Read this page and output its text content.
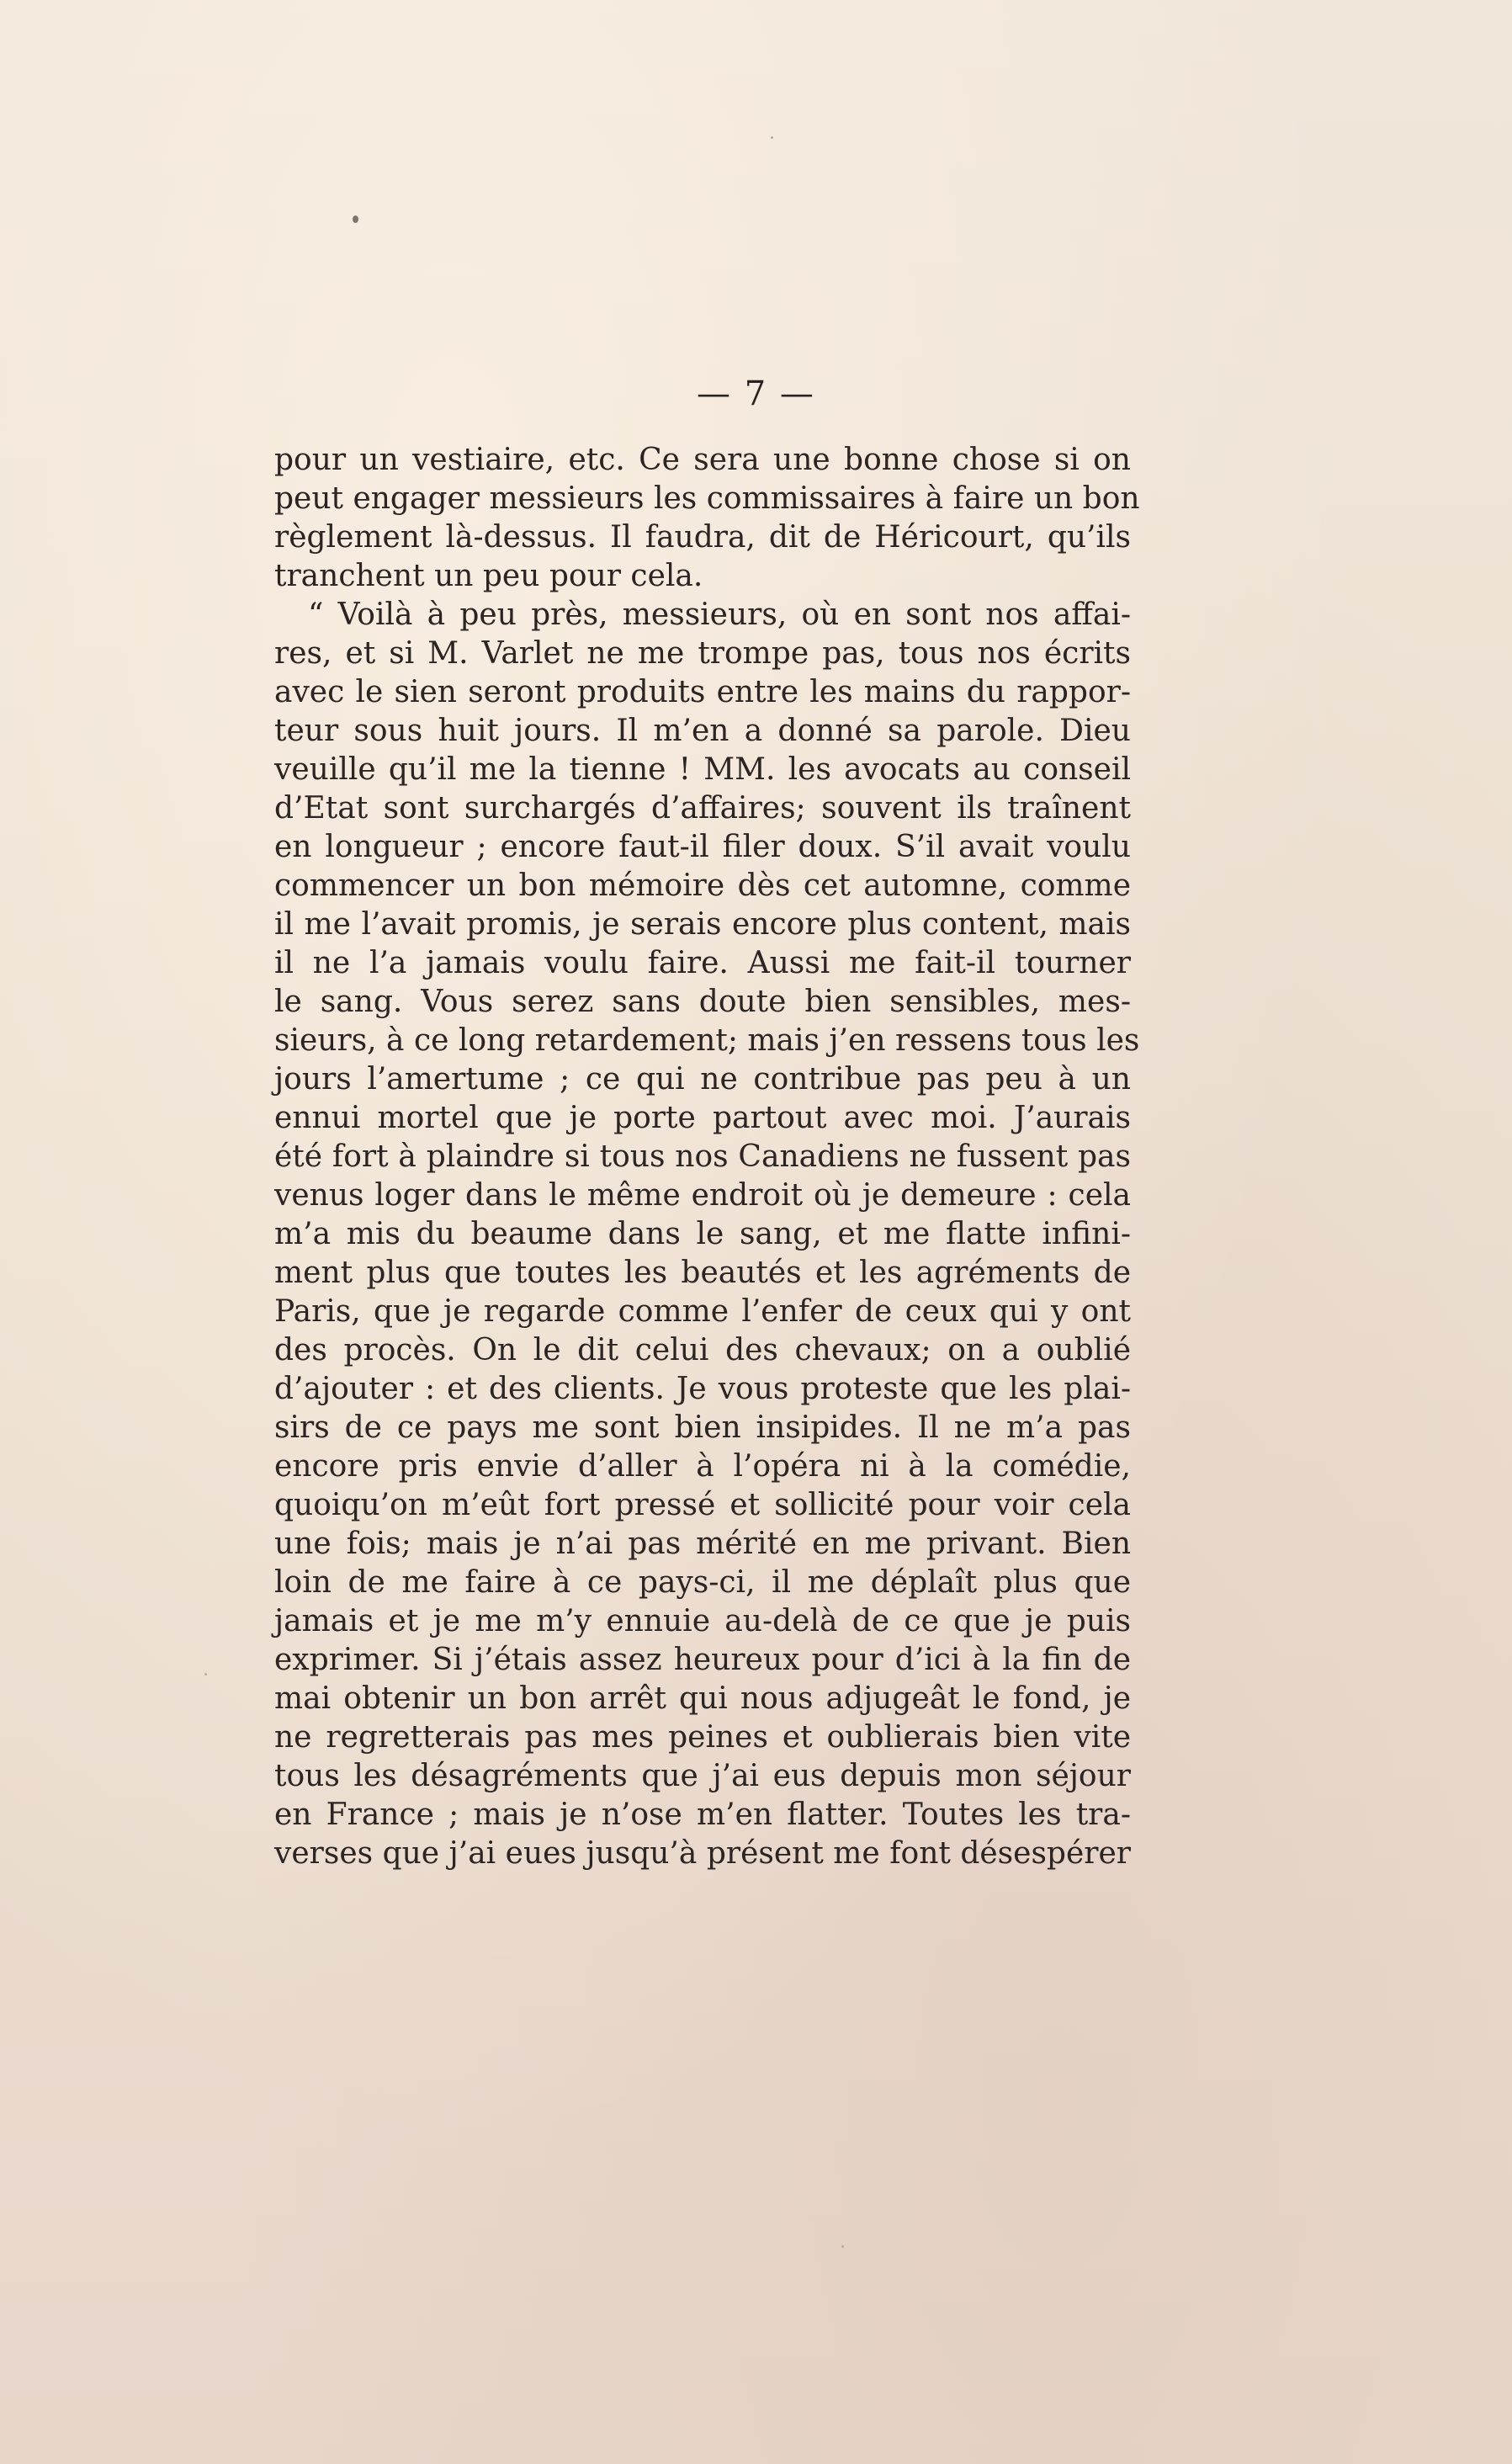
— 7 —
pour un vestiaire, etc. Ce sera une bonne chose si on
peut engager messieurs les commissaires à faire un bon
règlement là-dessus. Il faudra, dit de Héricourt, qu’ils
tranchent un peu pour cela.
“ Voilà à peu près, messieurs, où en sont nos affai-
res, et si M. Varlet ne me trompe pas, tous nos écrits
avec le sien seront produits entre les mains du rappor-
teur sous huit jours. Il m’en a donné sa parole. Dieu
veuille qu’il me la tienne ! MM. les avocats au conseil
d’Etat sont surchargés d’affaires; souvent ils traînent
en longueur ; encore faut-il filer doux. S’il avait voulu
commencer un bon mémoire dès cet automne, comme
il me l’avait promis, je serais encore plus content, mais
il ne l’a jamais voulu faire. Aussi me fait-il tourner
le sang. Vous serez sans doute bien sensibles, mes-
sieurs, à ce long retardement; mais j’en ressens tous les
jours l’amertume ; ce qui ne contribue pas peu à un
ennui mortel que je porte partout avec moi. J’aurais
été fort à plaindre si tous nos Canadiens ne fussent pas
venus loger dans le même endroit où je demeure : cela
m’a mis du beaume dans le sang, et me flatte infini-
ment plus que toutes les beautés et les agréments de
Paris, que je regarde comme l’enfer de ceux qui y ont
des procès. On le dit celui des chevaux; on a oublié
d’ajouter : et des clients. Je vous proteste que les plai-
sirs de ce pays me sont bien insipides. Il ne m’a pas
encore pris envie d’aller à l’opéra ni à la comédie,
quoiqu’on m’eût fort pressé et sollicité pour voir cela
une fois; mais je n’ai pas mérité en me privant. Bien
loin de me faire à ce pays-ci, il me déplaît plus que
jamais et je me m’y ennuie au-delà de ce que je puis
exprimer. Si j’étais assez heureux pour d’ici à la fin de
mai obtenir un bon arrêt qui nous adjugeât le fond, je
ne regretterais pas mes peines et oublierais bien vite
tous les désagréments que j’ai eus depuis mon séjour
en France ; mais je n’ose m’en flatter. Toutes les tra-
verses que j’ai eues jusqu’à présent me font désespérer
